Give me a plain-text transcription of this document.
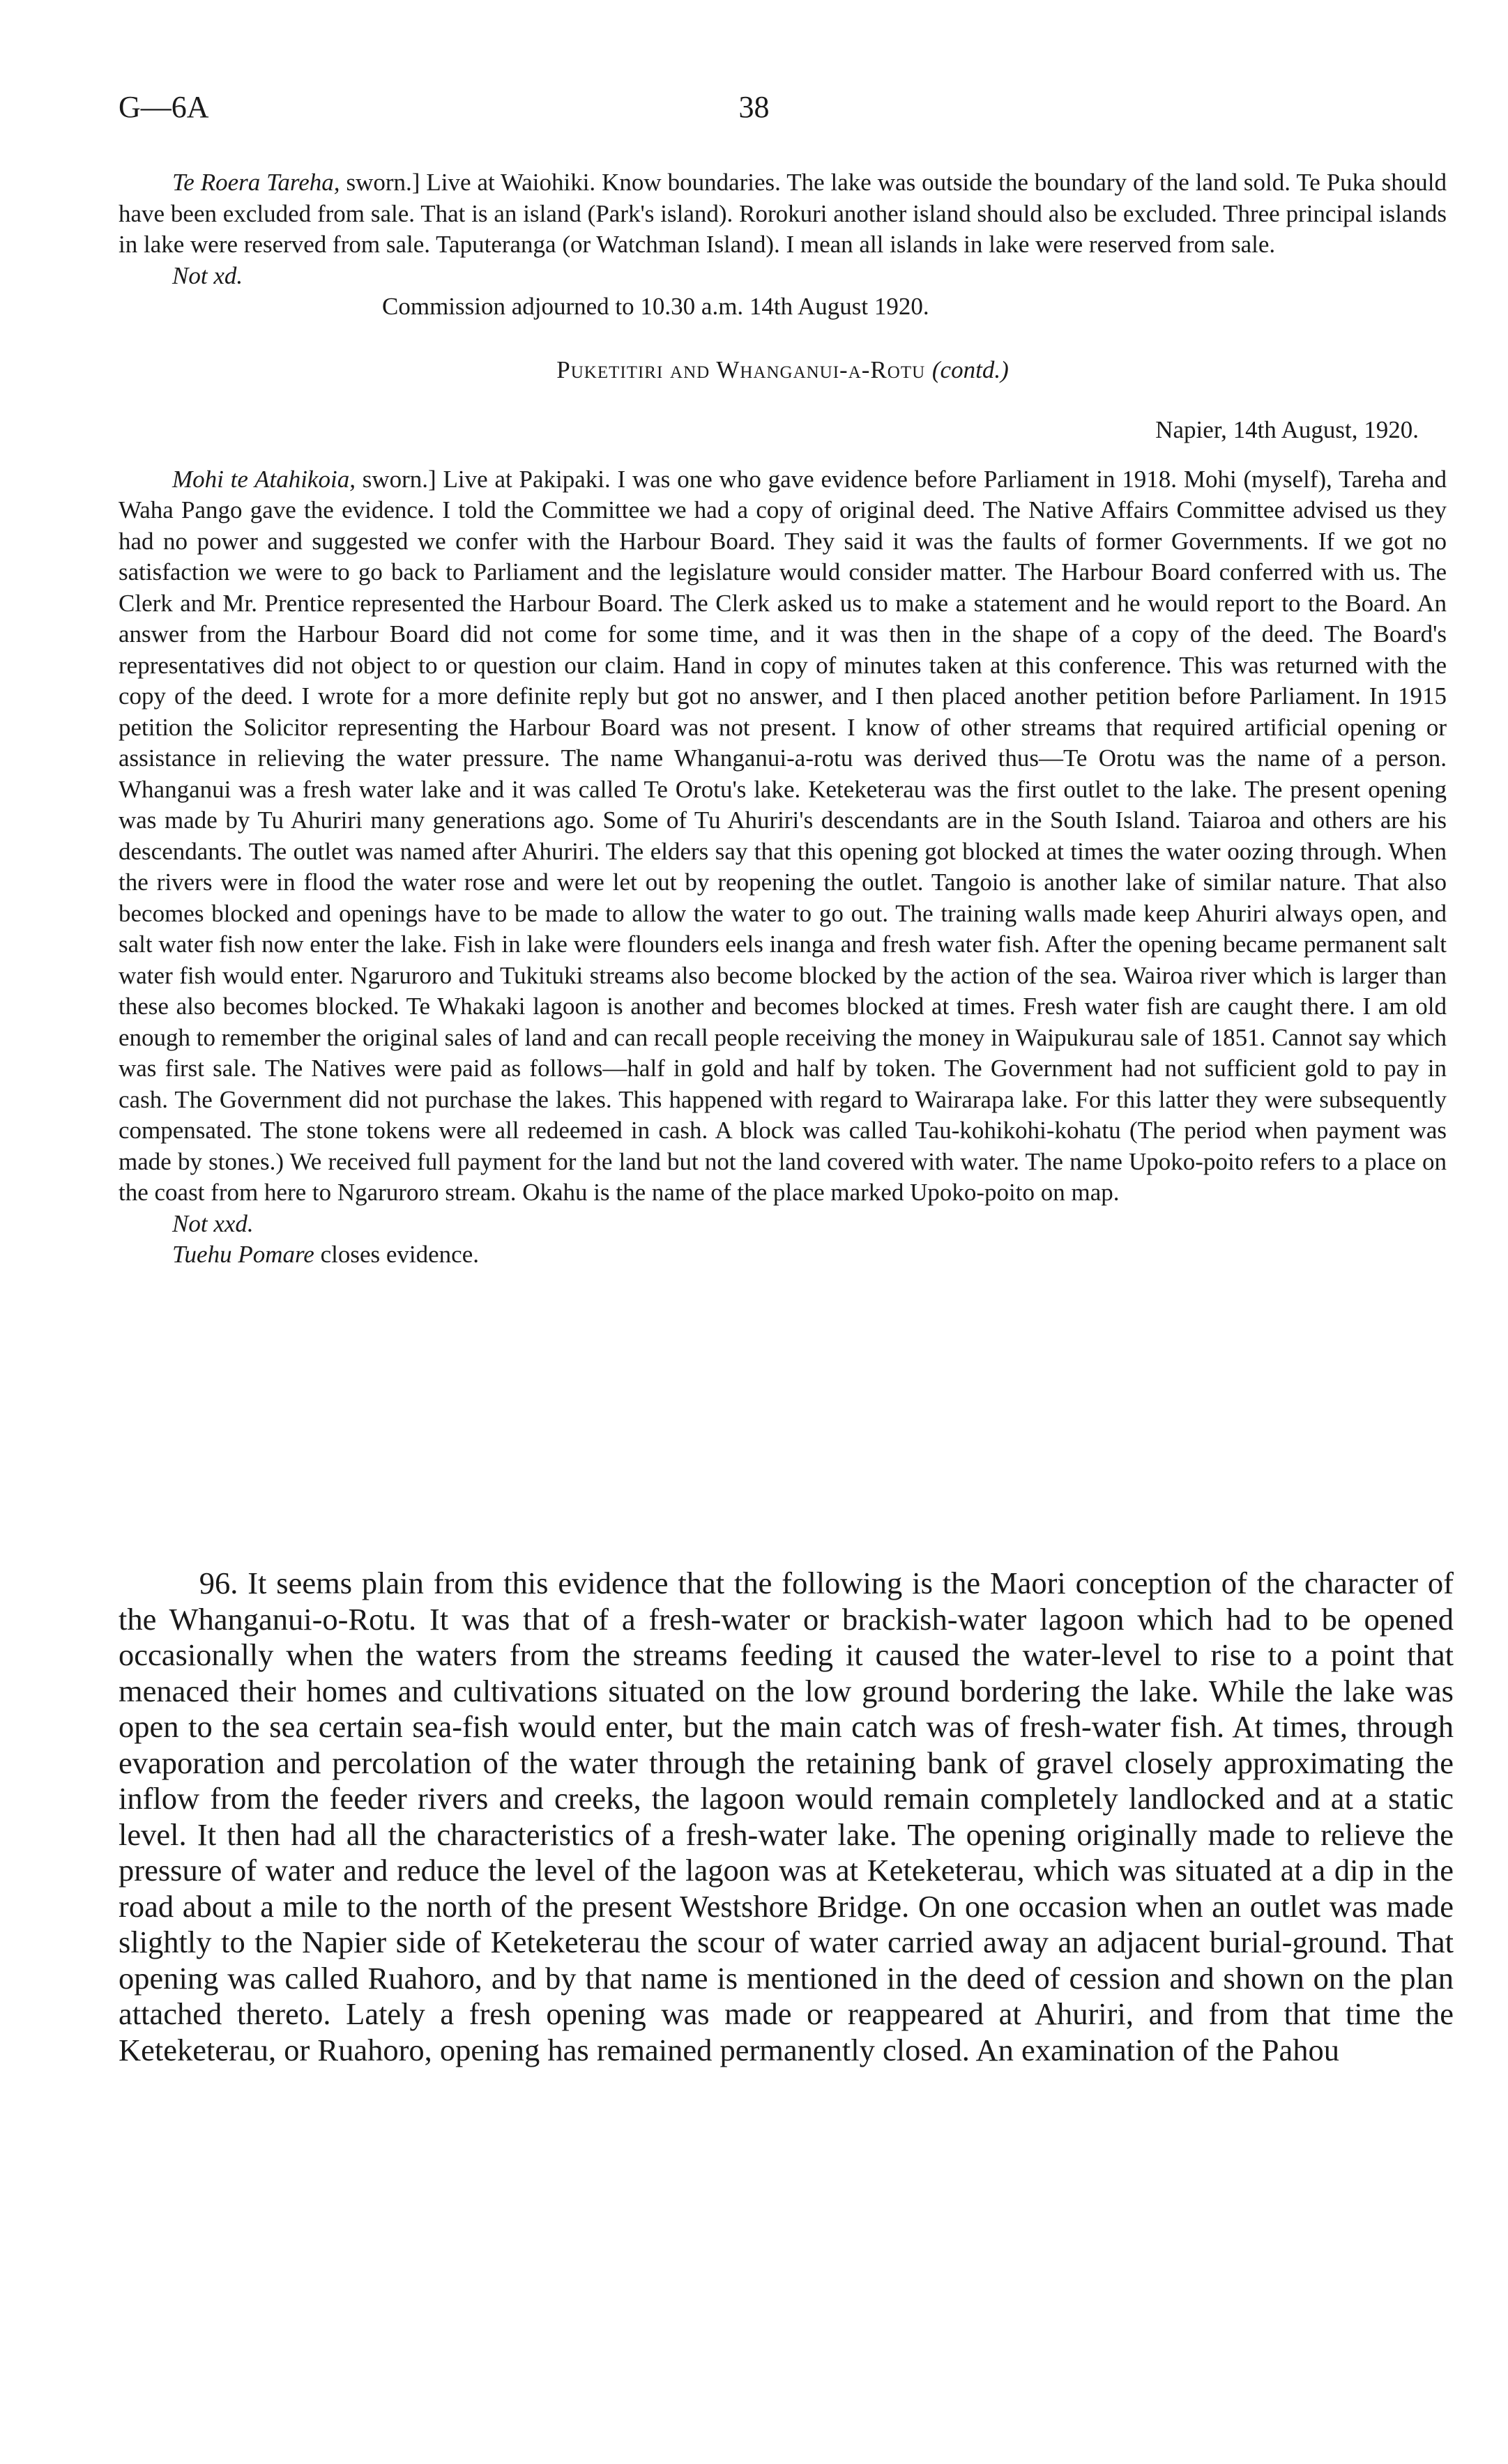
G—6A	38

Te Roera Tareha, sworn.] Live at Waiohiki. Know boundaries. The lake was outside the boundary of the land sold. Te Puka should have been excluded from sale. That is an island (Park's island). Rorokuri another island should also be excluded. Three principal islands in lake were reserved from sale. Taputeranga (or Watchman Island). I mean all islands in lake were reserved from sale.

Not xd.

Commission adjourned to 10.30 a.m. 14th August 1920.

Puketitiri and Whanganui-a-Rotu (contd.)

Napier, 14th August, 1920.

Mohi te Atahikoia, sworn.] Live at Pakipaki. I was one who gave evidence before Parliament in 1918. Mohi (myself), Tareha and Waha Pango gave the evidence. I told the Committee we had a copy of original deed. The Native Affairs Committee advised us they had no power and suggested we confer with the Harbour Board. They said it was the faults of former Governments. If we got no satisfaction we were to go back to Parliament and the legislature would consider matter. The Harbour Board conferred with us. The Clerk and Mr. Prentice represented the Harbour Board. The Clerk asked us to make a statement and he would report to the Board. An answer from the Harbour Board did not come for some time, and it was then in the shape of a copy of the deed. The Board's representatives did not object to or question our claim. Hand in copy of minutes taken at this conference. This was returned with the copy of the deed. I wrote for a more definite reply but got no answer, and I then placed another petition before Parliament. In 1915 petition the Solicitor representing the Harbour Board was not present. I know of other streams that required artificial opening or assistance in relieving the water pressure. The name Whanganui-a-rotu was derived thus—Te Orotu was the name of a person. Whanganui was a fresh water lake and it was called Te Orotu's lake. Keteketerau was the first outlet to the lake. The present opening was made by Tu Ahuriri many generations ago. Some of Tu Ahuriri's descendants are in the South Island. Taiaroa and others are his descendants. The outlet was named after Ahuriri. The elders say that this opening got blocked at times the water oozing through. When the rivers were in flood the water rose and were let out by reopening the outlet. Tangoio is another lake of similar nature. That also becomes blocked and openings have to be made to allow the water to go out. The training walls made keep Ahuriri always open, and salt water fish now enter the lake. Fish in lake were flounders eels inanga and fresh water fish. After the opening became permanent salt water fish would enter. Ngaruroro and Tukituki streams also become blocked by the action of the sea. Wairoa river which is larger than these also becomes blocked. Te Whakaki lagoon is another and becomes blocked at times. Fresh water fish are caught there. I am old enough to remember the original sales of land and can recall people receiving the money in Waipukurau sale of 1851. Cannot say which was first sale. The Natives were paid as follows—half in gold and half by token. The Government had not sufficient gold to pay in cash. The Government did not purchase the lakes. This happened with regard to Wairarapa lake. For this latter they were subsequently compensated. The stone tokens were all redeemed in cash. A block was called Tau-kohikohi-kohatu (The period when payment was made by stones.) We received full payment for the land but not the land covered with water. The name Upoko-poito refers to a place on the coast from here to Ngaruroro stream. Okahu is the name of the place marked Upoko-poito on map.

Not xxd.

Tuehu Pomare closes evidence.

96. It seems plain from this evidence that the following is the Maori conception of the character of the Whanganui-o-Rotu. It was that of a fresh-water or brackish-water lagoon which had to be opened occasionally when the waters from the streams feeding it caused the water-level to rise to a point that menaced their homes and cultivations situated on the low ground bordering the lake. While the lake was open to the sea certain sea-fish would enter, but the main catch was of fresh-water fish. At times, through evaporation and percolation of the water through the retaining bank of gravel closely approximating the inflow from the feeder rivers and creeks, the lagoon would remain completely landlocked and at a static level. It then had all the characteristics of a fresh-water lake. The opening originally made to relieve the pressure of water and reduce the level of the lagoon was at Keteketerau, which was situated at a dip in the road about a mile to the north of the present Westshore Bridge. On one occasion when an outlet was made slightly to the Napier side of Keteketerau the scour of water carried away an adjacent burial-ground. That opening was called Ruahoro, and by that name is mentioned in the deed of cession and shown on the plan attached thereto. Lately a fresh opening was made or reappeared at Ahuriri, and from that time the Keteketerau, or Ruahoro, opening has remained permanently closed. An examination of the Pahou
